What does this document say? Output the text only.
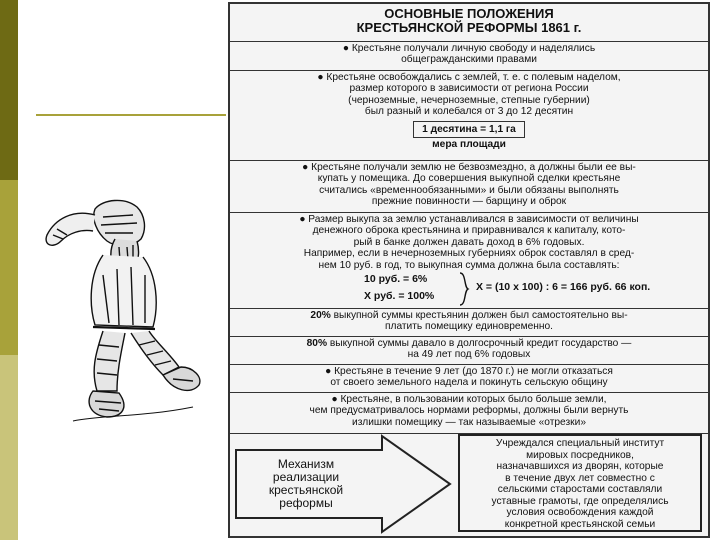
ОСНОВНЫЕ ПОЛОЖЕНИЯ
КРЕСТЬЯНСКОЙ РЕФОРМЫ 1861 г.
● Крестьяне получали личную свободу и наделялись
общегражданскими правами
● Крестьяне освобождались с землей, т. е. с полевым наделом,
размер которого в зависимости от региона России
(черноземные, нечерноземные, степные губернии)
был разный и колебался от 3 до 12 десятин
1 десятина = 1,1 га
мера площади
● Крестьяне получали землю не безвозмездно, а должны были ее вы-
купать у помещика. До совершения выкупной сделки крестьяне
считались «временнообязанными» и были обязаны выполнять
прежние повинности — барщину и оброк
● Размер выкупа за землю устанавливался в зависимости от величины
денежного оброка крестьянина и приравнивался к капиталу, кото-
рый в банке должен давать доход в 6% годовых.
Например, если в нечерноземных губерниях оброк составлял в сред-
нем 10 руб. в год, то выкупная сумма должна была составлять:
10 руб. = 6%
Х руб. = 100%
Х = (10 х 100) : 6 = 166 руб. 66 коп.
20% выкупной суммы крестьянин должен был самостоятельно вы-
платить помещику единовременно.
80% выкупной суммы давало в долгосрочный кредит государство —
на 49 лет под 6% годовых
● Крестьяне в течение 9 лет (до 1870 г.) не могли отказаться
от своего земельного надела и покинуть сельскую общину
● Крестьяне, в пользовании которых было больше земли,
чем предусматривалось нормами реформы, должны были вернуть
излишки помещику — так называемые «отрезки»
Механизм
реализации
крестьянской
реформы
Учреждался специальный институт
мировых посредников,
назначавшихся из дворян, которые
в течение двух лет совместно с
сельскими старостами составляли
уставные грамоты, где определялись
условия освобождения каждой
конкретной крестьянской семьи
